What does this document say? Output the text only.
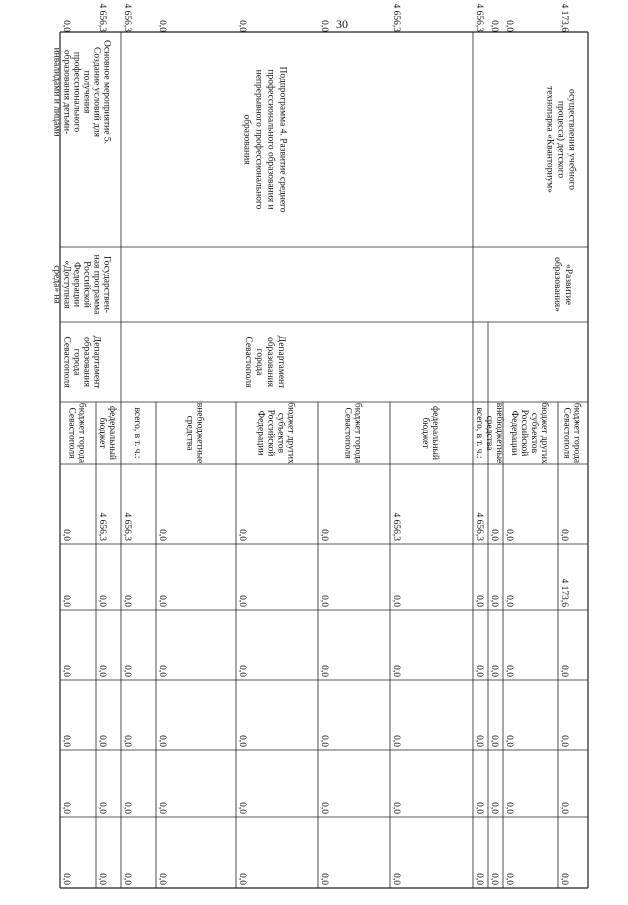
30
бюджет городаСевастополя
0,0
4 173,6
0,0
0,0
0,0
0,0
4 173,6
бюджет другихсубъектовРоссийскойФедерации
0,0
0,0
0,0
0,0
0,0
0,0
0,0
внебюджетныесредства
0,0
0,0
0,0
0,0
0,0
0,0
0,0
всего, в т. ч.:
4 656,3
0,0
0,0
0,0
0,0
0,0
4 656,3
федеральныйбюджет
4 656,3
0,0
0,0
0,0
0,0
0,0
4 656,3
бюджет городаСевастополя
0,0
0,0
0,0
0,0
0,0
0,0
0,0
бюджет другихсубъектовРоссийскойФедерации
0,0
0,0
0,0
0,0
0,0
0,0
0,0
внебюджетныесредства
0,0
0,0
0,0
0,0
0,0
0,0
0,0
всего, в т. ч.:
4 656,3
0,0
0,0
0,0
0,0
0,0
4 656,3
федеральныйбюджет
4 656,3
0,0
0,0
0,0
0,0
0,0
4 656,3
бюджет городаСевастополя
0,0
0,0
0,0
0,0
0,0
0,0
0,0
осуществления учебногопроцесса) детскоготехнопарка «Кванториум»
Подпрограмма 4. Развитие среднегопрофессионального образования инепрерывного профессиональногообразования
Основное мероприятие 5.Создание условий дляполученияпрофессиональногообразования детьми-инвалидами и лицами
«Развитиеобразования»
Государствен-ная программаРоссийскойФедерации«Доступнаясреда» на
ДепартаментобразованиягородаСевастополя
ДепартаментобразованиягородаСевастополя
